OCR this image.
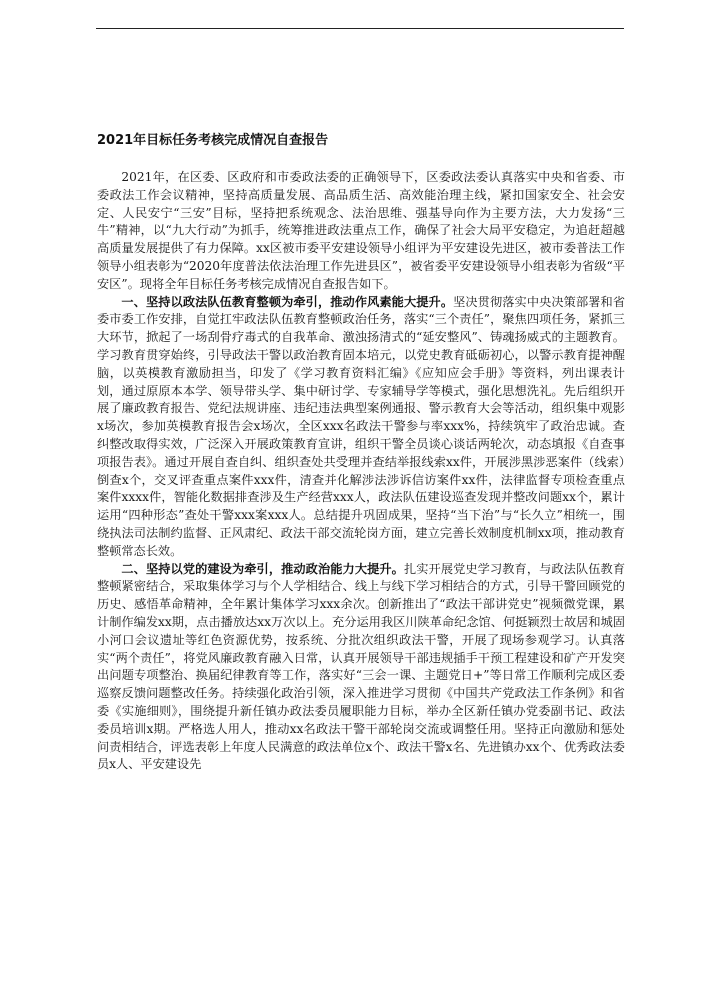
2021年目标任务考核完成情况自查报告

2021年，在区委、区政府和市委政法委的正确领导下，区委政法委认真落实中央和省委、市委政法工作会议精神，坚持高质量发展、高品质生活、高效能治理主线，紧扣国家安全、社会安定、人民安宁“三安”目标，坚持把系统观念、法治思维、强基导向作为主要方法，大力发扬“三牛”精神，以“九大行动”为抓手，统筹推进政法重点工作，确保了社会大局平安稳定，为追赶超越高质量发展提供了有力保障。xx区被市委平安建设领导小组评为平安建设先进区，被市委普法工作领导小组表彰为“2020年度普法依法治理工作先进县区”，被省委平安建设领导小组表彰为省级“平安区”。现将全年目标任务考核完成情况自查报告如下。

一、坚持以政法队伍教育整顿为牵引，推动作风素能大提升。坚决贯彻落实中央决策部署和省委市委工作安排，自觉扛牢政法队伍教育整顿政治任务，落实“三个责任”，聚焦四项任务，紧抓三大环节，掀起了一场刮骨疗毒式的自我革命、激浊扬清式的“延安整风”、铸魂扬威式的主题教育。学习教育贯穿始终，引导政法干警以政治教育固本培元，以党史教育砥砺初心，以警示教育提神醒脑，以英模教育激励担当，印发了《学习教育资料汇编》《应知应会手册》等资料，列出课表计划，通过原原本本学、领导带头学、集中研讨学、专家辅导学等模式，强化思想洗礼。先后组织开展了廉政教育报告、党纪法规讲座、违纪违法典型案例通报、警示教育大会等活动，组织集中观影x场次，参加英模教育报告会x场次，全区xxx名政法干警参与率xxx%，持续筑牢了政治忠诚。查纠整改取得实效，广泛深入开展政策教育宣讲，组织干警全员谈心谈话两轮次，动态填报《自查事项报告表》。通过开展自查自纠、组织查处共受理并查结举报线索xx件，开展涉黑涉恶案件（线索）倒查x个，交叉评查重点案件xxx件，清查并化解涉法涉诉信访案件xx件，法律监督专项检查重点案件xxxx件，智能化数据排查涉及生产经营xxx人，政法队伍建设巡查发现并整改问题xx个，累计运用“四种形态”查处干警xxx案xxx人。总结提升巩固成果，坚持“当下治”与“长久立”相统一，围绕执法司法制约监督、正风肃纪、政法干部交流轮岗方面，建立完善长效制度机制xx项，推动教育整顿常态长效。

二、坚持以党的建设为牵引，推动政治能力大提升。扎实开展党史学习教育，与政法队伍教育整顿紧密结合，采取集体学习与个人学相结合、线上与线下学习相结合的方式，引导干警回顾党的历史、感悟革命精神，全年累计集体学习xxx余次。创新推出了“政法干部讲党史”视频微党课，累计制作编发xx期，点击播放达xx万次以上。充分运用我区川陕革命纪念馆、何挺颖烈士故居和城固小河口会议遗址等红色资源优势，按系统、分批次组织政法干警，开展了现场参观学习。认真落实“两个责任”，将党风廉政教育融入日常，认真开展领导干部违规插手干预工程建设和矿产开发突出问题专项整治、换届纪律教育等工作，落实好“三会一课、主题党日+”等日常工作顺利完成区委巡察反馈问题整改任务。持续强化政治引领，深入推进学习贯彻《中国共产党政法工作条例》和省委《实施细则》，围绕提升新任镇办政法委员履职能力目标，举办全区新任镇办党委副书记、政法委员培训x期。严格选人用人，推动xx名政法干警干部轮岗交流或调整任用。坚持正向激励和惩处问责相结合，评选表彰上年度人民满意的政法单位x个、政法干警x名、先进镇办xx个、优秀政法委员x人、平安建设先
